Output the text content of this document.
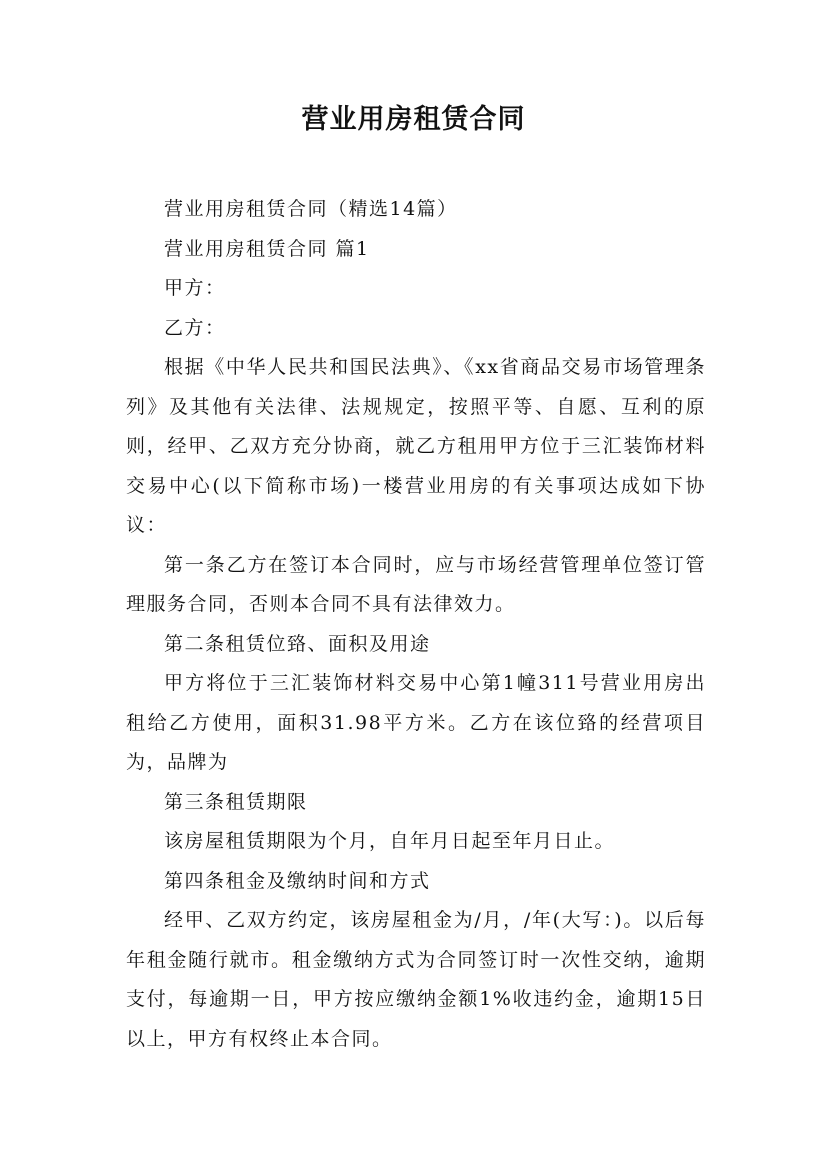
营业用房租赁合同

营业用房租赁合同（精选14篇）

营业用房租赁合同 篇1

甲方：

乙方：

根据《中华人民共和国民法典》、《xx省商品交易市场管理条列》及其他有关法律、法规规定，按照平等、自愿、互利的原则，经甲、乙双方充分协商，就乙方租用甲方位于三汇装饰材料交易中心(以下简称市场)一楼营业用房的有关事项达成如下协议：

第一条乙方在签订本合同时，应与市场经营管理单位签订管理服务合同，否则本合同不具有法律效力。

第二条租赁位臵、面积及用途

甲方将位于三汇装饰材料交易中心第1幢311号营业用房出租给乙方使用，面积31.98平方米。乙方在该位臵的经营项目为，品牌为

第三条租赁期限

该房屋租赁期限为个月，自年月日起至年月日止。

第四条租金及缴纳时间和方式

经甲、乙双方约定，该房屋租金为/月，/年(大写：)。以后每年租金随行就市。租金缴纳方式为合同签订时一次性交纳，逾期支付，每逾期一日，甲方按应缴纳金额1%收违约金，逾期15日以上，甲方有权终止本合同。
